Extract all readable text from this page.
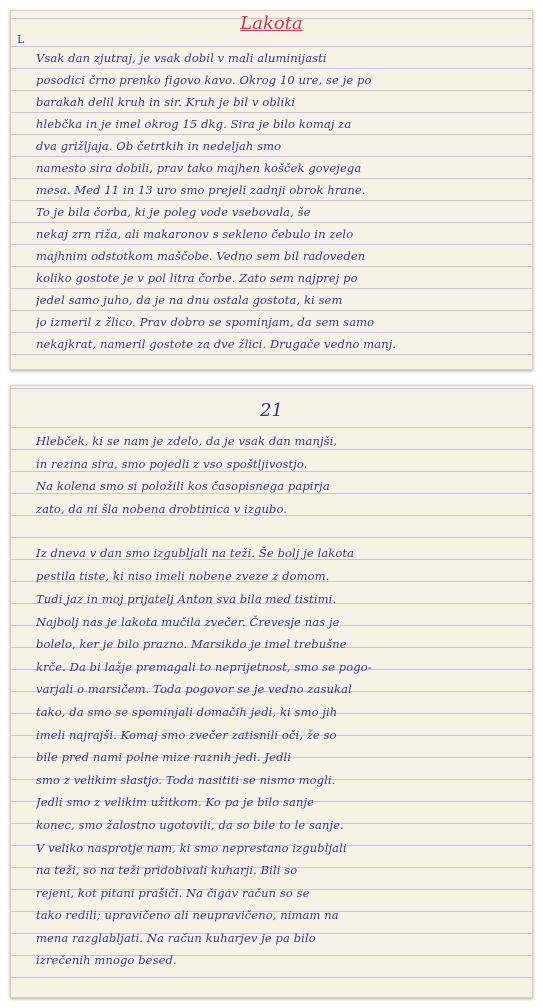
L
Lakota
Vsak dan zjutraj, je vsak dobil v mali aluminijasti
posodici črno prenko figovo kavo. Okrog 10 ure, se je po
barakah delil kruh in sir. Kruh je bil v obliki
hlebčka in je imel okrog 15 dkg. Sira je bilo komaj za
dva grižljaja. Ob četrtkih in nedeljah smo
namesto sira dobili, prav tako majhen košček govejega
mesa. Med 11 in 13 uro smo prejeli zadnji obrok hrane.
To je bila čorba, ki je poleg vode vsebovala, še
nekaj zrn riža, ali makaronov s sekleno čebulo in zelo
majhnim odstotkom maščobe. Vedno sem bil radoveden
koliko gostote je v pol litra čorbe. Zato sem najprej po
jedel samo juho, da je na dnu ostala gostota, ki sem
jo izmeril z žlico. Prav dobro se spominjam, da sem samo
nekajkrat, nameril gostote za dve žlici. Drugače vedno manj.
21
Hlebček, ki se nam je zdelo, da je vsak dan manjši,
in rezina sira, smo pojedli z vso spoštljivostjo.
Na kolena smo si položili kos časopisnega papirja
zato, da ni šla nobena drobtinica v izgubo.
Iz dneva v dan smo izgubljali na teži. Še bolj je lakota
pestila tiste, ki niso imeli nobene zveze z domom.
Tudi jaz in moj prijatelj Anton sva bila med tistimi.
Najbolj nas je lakota mučila zvečer. Črevesje nas je
bolelo, ker je bilo prazno. Marsikdo je imel trebušne
krče. Da bi lažje premagali to neprijetnost, smo se pogo-
varjali o marsičem. Toda pogovor se je vedno zasukal
tako, da smo se spominjali domačih jedi, ki smo jih
imeli najrajši. Komaj smo zvečer zatisnili oči, že so
bile pred nami polne mize raznih jedi. Jedli
smo z velikim slastjo. Toda nasititi se nismo mogli.
Jedli smo z velikim užitkom. Ko pa je bilo sanje
konec, smo žalostno ugotovili, da so bile to le sanje.
V veliko nasprotje nam, ki smo neprestano izgubljali
na teži, so na teži pridobivali kuharji. Bili so
rejeni, kot pitani prašiči. Na čigav račun so se
tako redili; upravičeno ali neupravičeno, nimam na
mena razglabljati. Na račun kuharjev je pa bilo
izrečenih mnogo besed.
